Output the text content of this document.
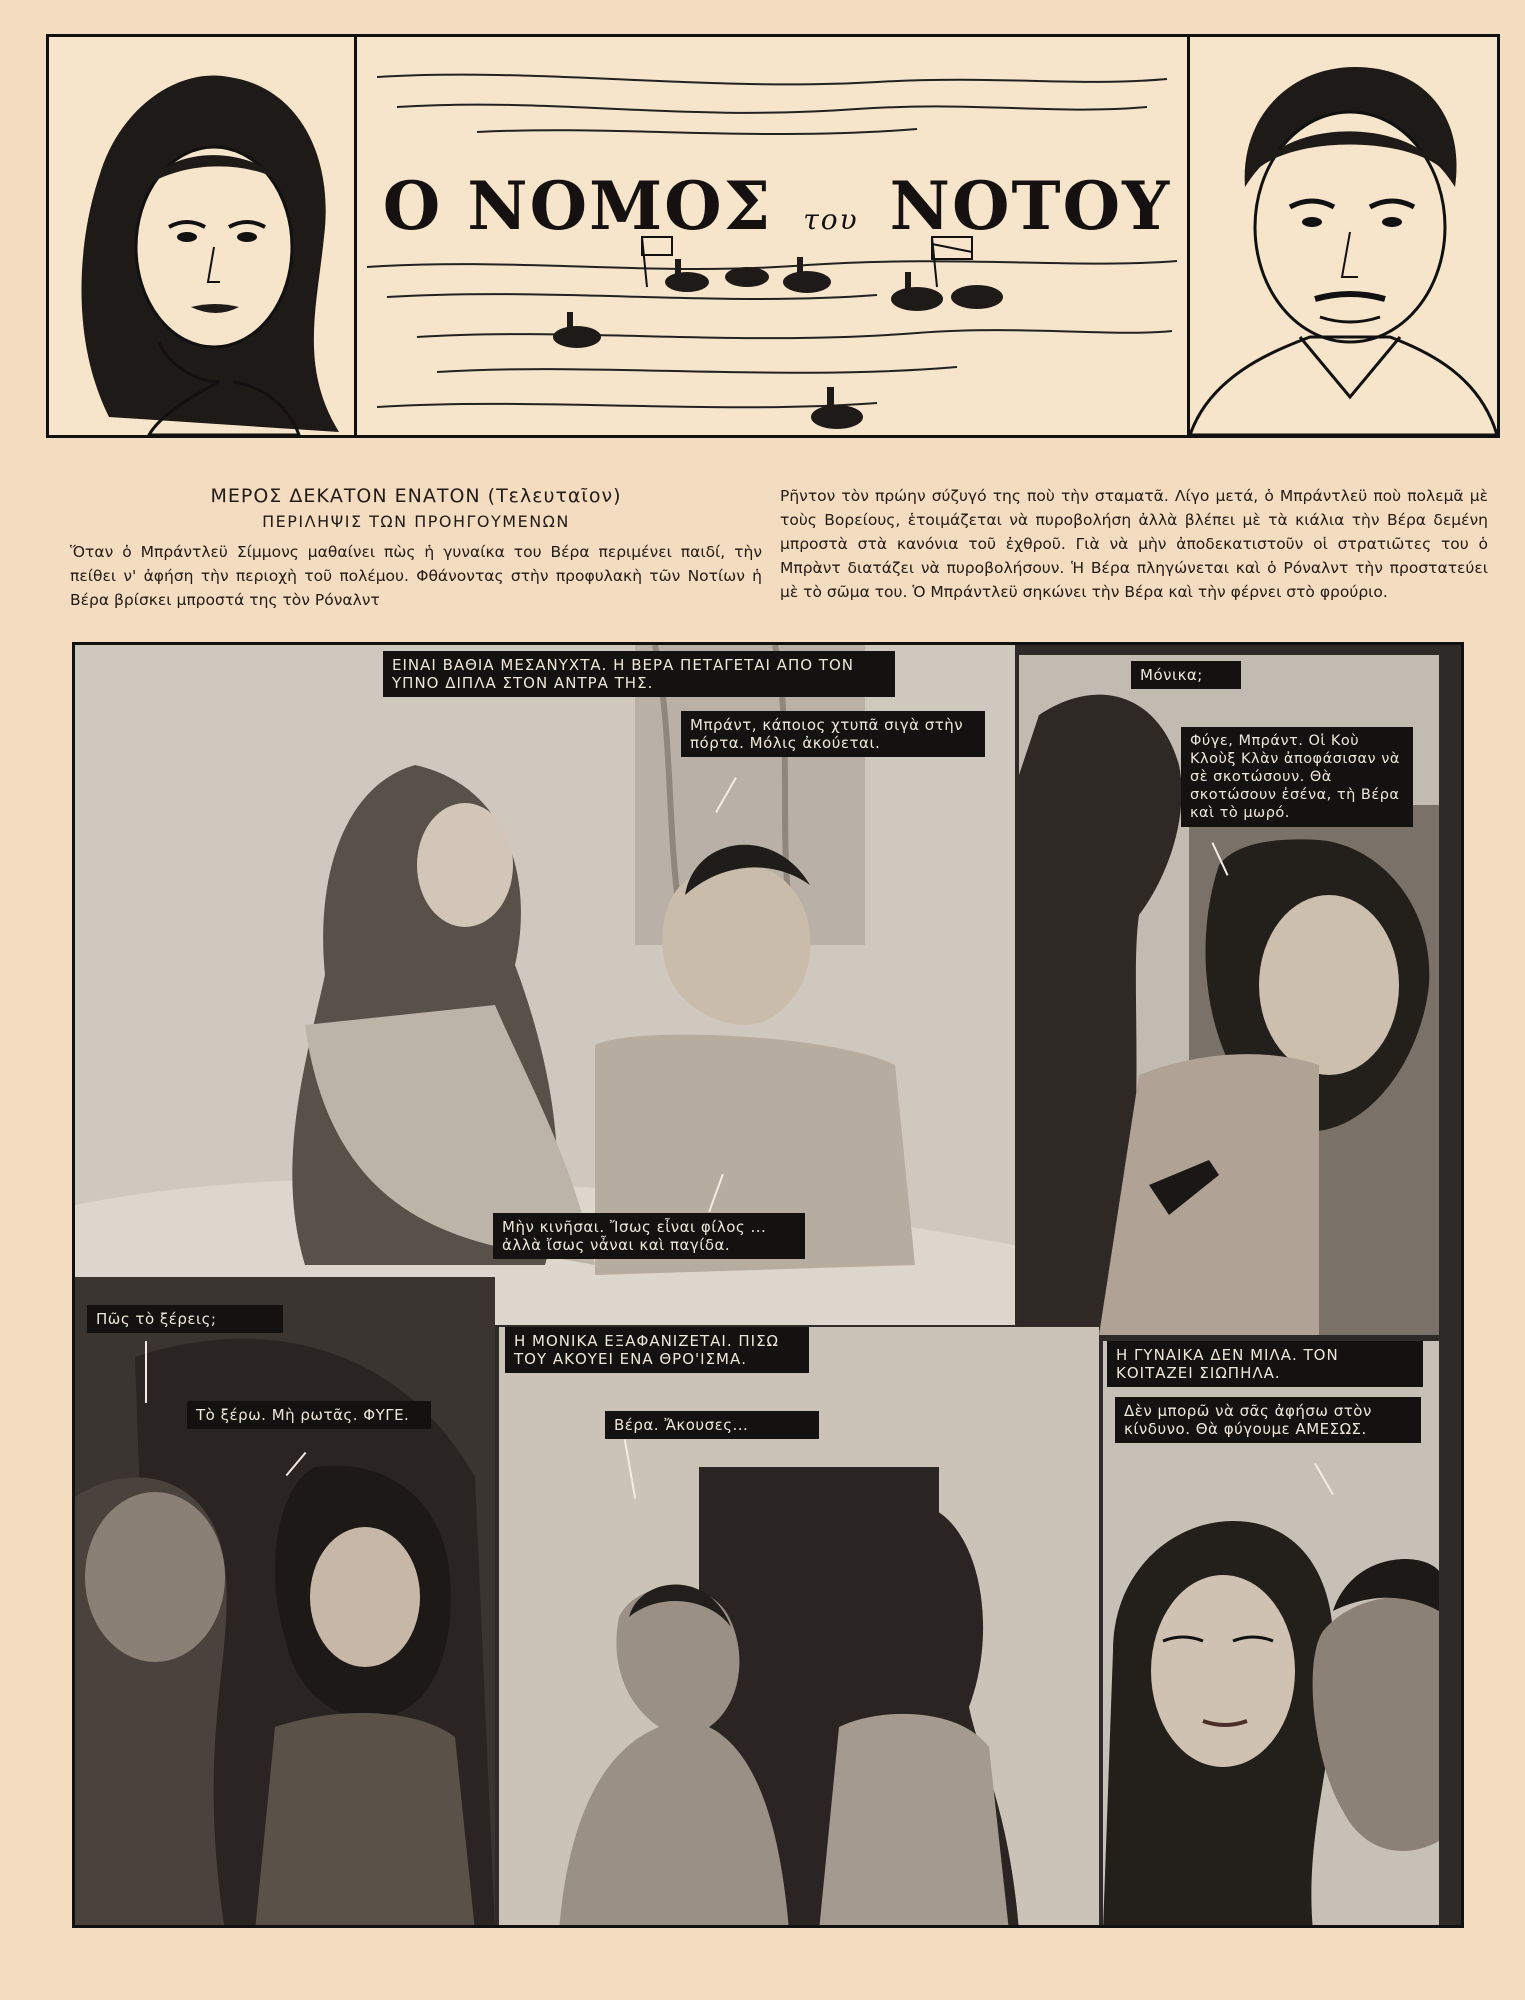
Ο ΝΟΜΟΣ του ΝΟΤΟΥ
ΜΕΡΟΣ ΔΕΚΑΤΟΝ ΕΝΑΤΟΝ (Τελευταῖον)
ΠΕΡΙΛΗΨΙΣ ΤΩΝ ΠΡΟΗΓΟΥΜΕΝΩΝ

Ὅταν ὁ Μπράντλεϋ Σίμμονς μαθαίνει πὼς ἡ γυναίκα του Βέρα περιμένει παιδί, τὴν πείθει ν' ἀφήση τὴν περιοχὴ τοῦ πολέμου. Φθάνοντας στὴν προφυλακὴ τῶν Νοτίων ἡ Βέρα βρίσκει μπροστά της τὸν Ρόναλντ

Ρῆντον τὸν πρώην σύζυγό της ποὺ τὴν σταματᾶ. Λίγο μετά, ὁ Μπράντλεϋ ποὺ πολεμᾶ μὲ τοὺς Βορείους, ἑτοιμάζεται νὰ πυροβολήση ἀλλὰ βλέπει μὲ τὰ κιάλια τὴν Βέρα δεμένη μπροστὰ στὰ κανόνια τοῦ ἐχθροῦ. Γιὰ νὰ μὴν ἀποδεκατιστοῦν οἱ στρατιῶτες του ὁ Μπρὰντ διατάζει νὰ πυροβολήσουν. Ἡ Βέρα πληγώνεται καὶ ὁ Ρόναλντ τὴν προστατεύει μὲ τὸ σῶμα του. Ὁ Μπράντλεϋ σηκώνει τὴν Βέρα καὶ τὴν φέρνει στὸ φρούριο.

ΕΙΝΑΙ ΒΑΘΙΑ ΜΕΣΑΝΥΧΤΑ. Η ΒΕΡΑ ΠΕΤΑΓΕΤΑΙ ΑΠΟ ΤΟΝ ΥΠΝΟ ΔΙΠΛΑ ΣΤΟΝ ΑΝΤΡΑ ΤΗΣ.
Μπράντ, κάποιος χτυπᾶ σιγὰ στὴν πόρτα. Μόλις ἀκούεται.
Μὴν κινῆσαι. Ἴσως εἶναι φίλος ... ἀλλὰ ἴσως νἆναι καὶ παγίδα.
Μόνικα;
Φύγε, Μπράντ. Οἱ Κοὺ Κλοὺξ Κλὰν ἀποφάσισαν νὰ σὲ σκοτώσουν. Θὰ σκοτώσουν ἐσένα, τὴ Βέρα καὶ τὸ μωρό.
Πῶς τὸ ξέρεις;
Τὸ ξέρω. Μὴ ρωτᾶς. ΦΥΓΕ.
Η ΜΟΝΙΚΑ ΕΞΑΦΑΝΙΖΕΤΑΙ. ΠΙΣΩ ΤΟΥ ΑΚΟΥΕΙ ΕΝΑ ΘΡΟ'ΙΣΜΑ.
Βέρα. Ἄκουσες...
Η ΓΥΝΑΙΚΑ ΔΕΝ ΜΙΛΑ. ΤΟΝ ΚΟΙΤΑΖΕΙ ΣΙΩΠΗΛΑ.
Δὲν μπορῶ νὰ σᾶς ἀφήσω στὸν κίνδυνο. Θὰ φύγουμε ΑΜΕΣΩΣ.
